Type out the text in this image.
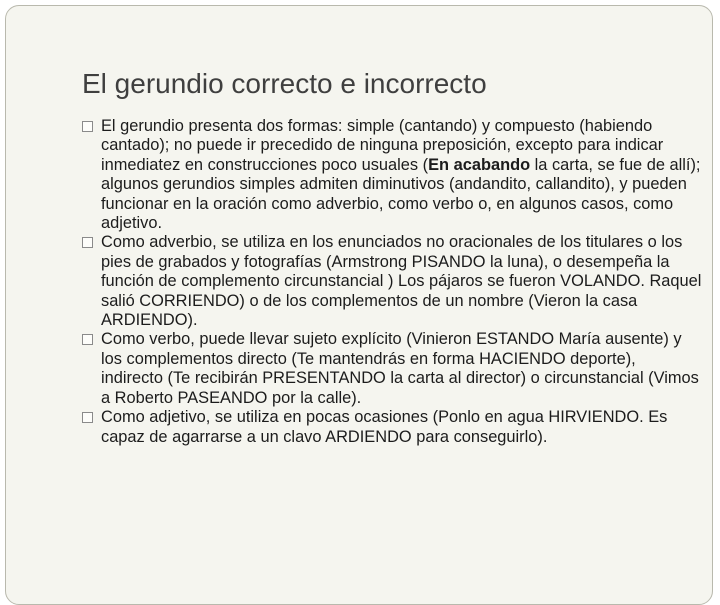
El gerundio correcto e incorrecto
El gerundio presenta dos formas: simple (cantando) y compuesto (habiendo cantado); no puede ir precedido de ninguna preposición, excepto para indicar inmediatez en construcciones poco usuales (En acabando la carta, se fue de allí); algunos gerundios simples admiten diminutivos (andandito, callandito), y pueden funcionar en la oración como adverbio, como verbo o, en algunos casos, como adjetivo.
Como adverbio, se utiliza en los enunciados no oracionales de los titulares o los pies de grabados y fotografías (Armstrong PISANDO la luna), o desempeña la función de complemento circunstancial ) Los pájaros se fueron VOLANDO. Raquel salió CORRIENDO) o de los complementos de un nombre (Vieron la casa ARDIENDO).
Como verbo, puede llevar sujeto explícito (Vinieron ESTANDO María ausente) y los complementos directo (Te mantendrás en forma HACIENDO deporte), indirecto (Te recibirán PRESENTANDO la carta al director) o circunstancial (Vimos a Roberto PASEANDO por la calle).
Como adjetivo, se utiliza en pocas ocasiones (Ponlo en agua HIRVIENDO. Es capaz de agarrarse a un clavo ARDIENDO para conseguirlo).
